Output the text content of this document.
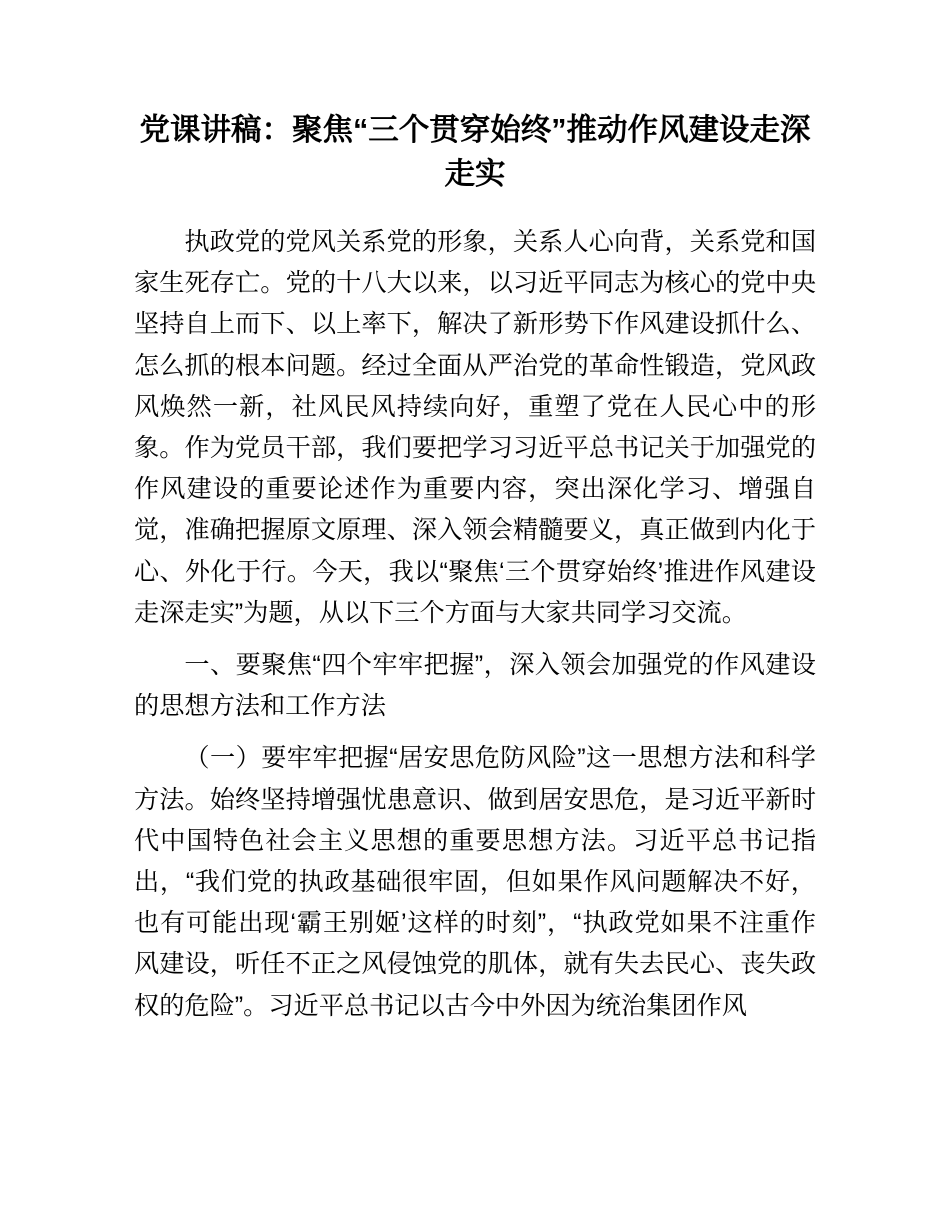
党课讲稿：聚焦“三个贯穿始终”推动作风建设走深走实

执政党的党风关系党的形象，关系人心向背，关系党和国家生死存亡。党的十八大以来，以习近平同志为核心的党中央坚持自上而下、以上率下，解决了新形势下作风建设抓什么、怎么抓的根本问题。经过全面从严治党的革命性锻造，党风政风焕然一新，社风民风持续向好，重塑了党在人民心中的形象。作为党员干部，我们要把学习习近平总书记关于加强党的作风建设的重要论述作为重要内容，突出深化学习、增强自觉，准确把握原文原理、深入领会精髓要义，真正做到内化于心、外化于行。今天，我以“聚焦‘三个贯穿始终’推进作风建设走深走实”为题，从以下三个方面与大家共同学习交流。

一、要聚焦“四个牢牢把握”，深入领会加强党的作风建设的思想方法和工作方法

（一）要牢牢把握“居安思危防风险”这一思想方法和科学方法。始终坚持增强忧患意识、做到居安思危，是习近平新时代中国特色社会主义思想的重要思想方法。习近平总书记指出，“我们党的执政基础很牢固，但如果作风问题解决不好，也有可能出现‘霸王别姬’这样的时刻”，“执政党如果不注重作风建设，听任不正之风侵蚀党的肌体，就有失去民心、丧失政权的危险”。习近平总书记以古今中外因为统治集团作风
